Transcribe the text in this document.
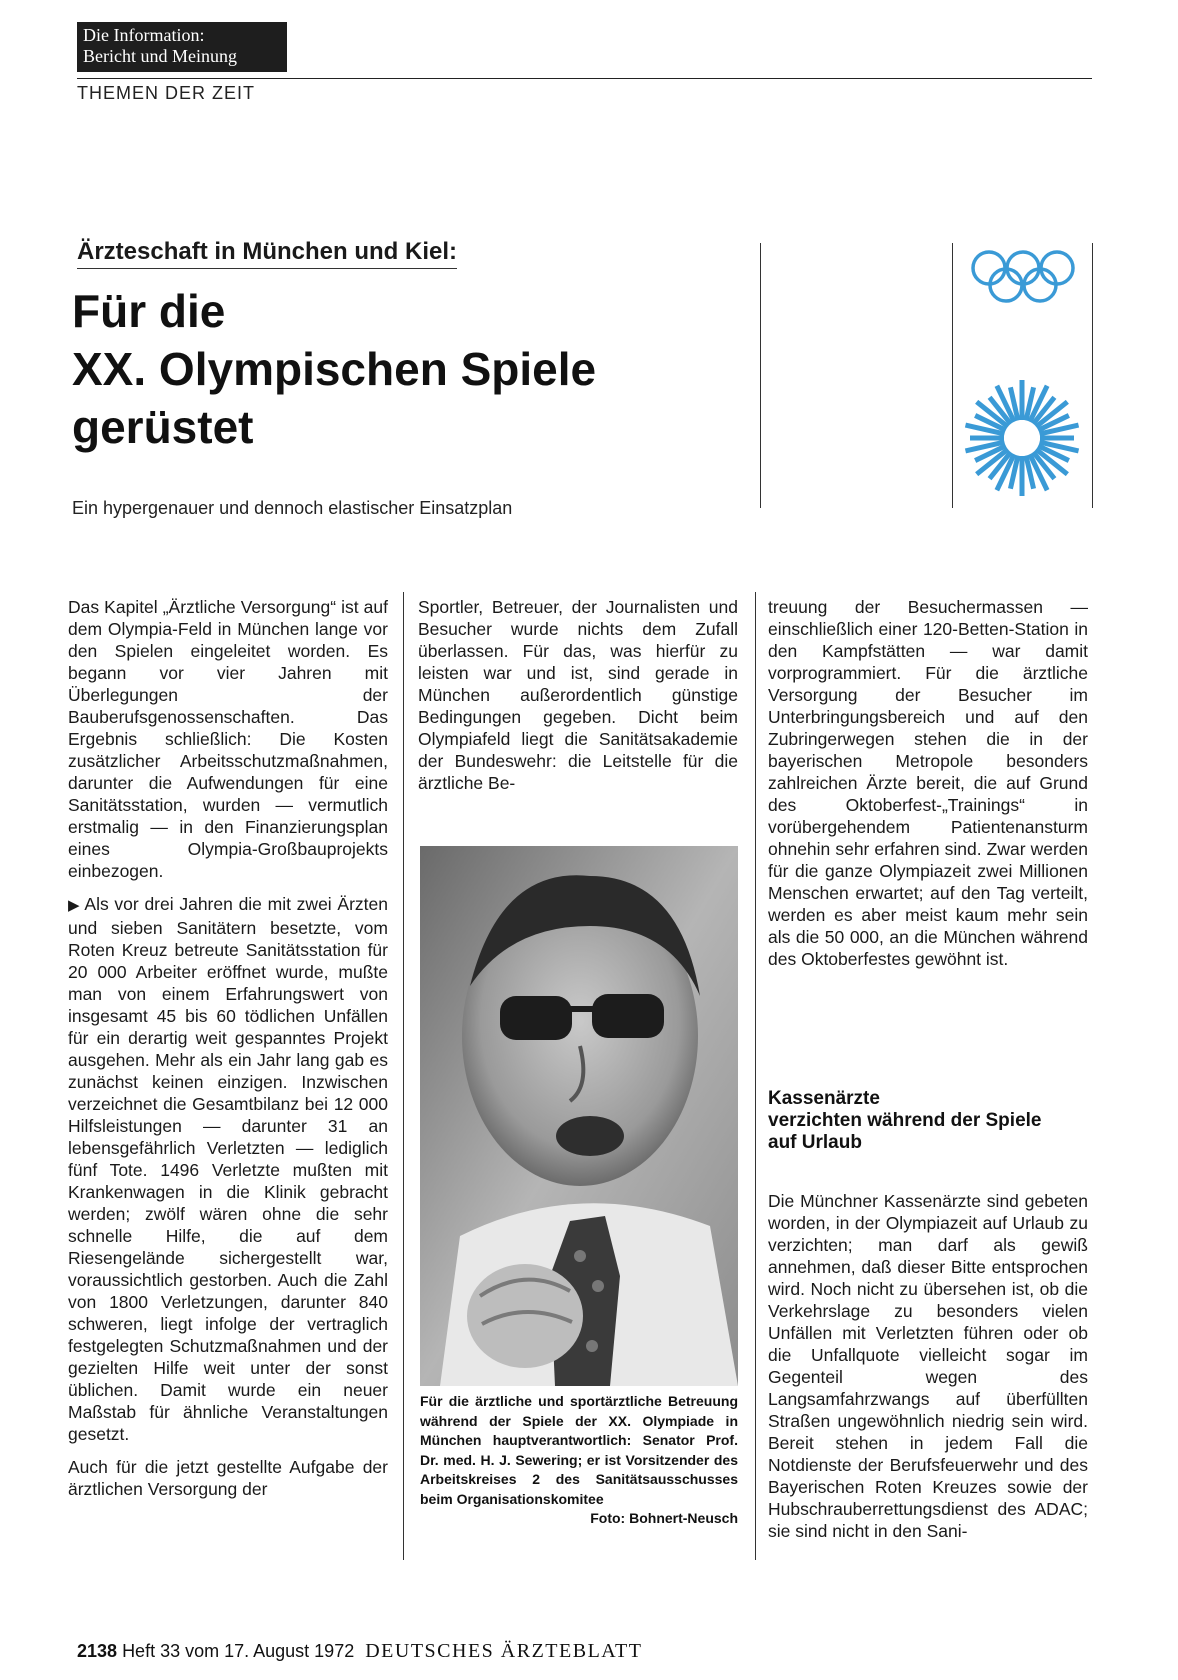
Die Information:
Bericht und Meinung
THEMEN DER ZEIT
Ärzteschaft in München und Kiel:
Für die
XX. Olympischen Spiele
gerüstet
Ein hypergenauer und dennoch elastischer Einsatzplan

Das Kapitel „Ärztliche Versorgung“ ist auf dem Olympia-Feld in München lange vor den Spielen eingeleitet worden. Es begann vor vier Jahren mit Überlegungen der Bauberufsgenossenschaften. Das Ergebnis schließlich: Die Kosten zusätzlicher Arbeitsschutzmaßnahmen, darunter die Aufwendungen für eine Sanitätsstation, wurden — vermutlich erstmalig — in den Finanzierungsplan eines Olympia-Großbauprojekts einbezogen.

▶ Als vor drei Jahren die mit zwei Ärzten und sieben Sanitätern besetzte, vom Roten Kreuz betreute Sanitätsstation für 20 000 Arbeiter eröffnet wurde, mußte man von einem Erfahrungswert von insgesamt 45 bis 60 tödlichen Unfällen für ein derartig weit gespanntes Projekt ausgehen. Mehr als ein Jahr lang gab es zunächst keinen einzigen. Inzwischen verzeichnet die Gesamtbilanz bei 12 000 Hilfsleistungen — darunter 31 an lebensgefährlich Verletzten — lediglich fünf Tote. 1496 Verletzte mußten mit Krankenwagen in die Klinik gebracht werden; zwölf wären ohne die sehr schnelle Hilfe, die auf dem Riesengelände sichergestellt war, voraussichtlich gestorben. Auch die Zahl von 1800 Verletzungen, darunter 840 schweren, liegt infolge der vertraglich festgelegten Schutzmaßnahmen und der gezielten Hilfe weit unter der sonst üblichen. Damit wurde ein neuer Maßstab für ähnliche Veranstaltungen gesetzt.

Auch für die jetzt gestellte Aufgabe der ärztlichen Versorgung der

Sportler, Betreuer, der Journalisten und Besucher wurde nichts dem Zufall überlassen. Für das, was hierfür zu leisten war und ist, sind gerade in München außerordentlich günstige Bedingungen gegeben. Dicht beim Olympiafeld liegt die Sanitätsakademie der Bundeswehr: die Leitstelle für die ärztliche Be-

Für die ärztliche und sportärztliche Betreuung während der Spiele der XX. Olympiade in München hauptverantwortlich: Senator Prof. Dr. med. H. J. Sewering; er ist Vorsitzender des Arbeitskreises 2 des Sanitätsausschusses beim Organisationskomitee
Foto: Bohnert-Neusch

treuung der Besuchermassen — einschließlich einer 120-Betten-Station in den Kampfstätten — war damit vorprogrammiert. Für die ärztliche Versorgung der Besucher im Unterbringungsbereich und auf den Zubringerwegen stehen die in der bayerischen Metropole besonders zahlreichen Ärzte bereit, die auf Grund des Oktoberfest-„Trainings“ in vorübergehendem Patientenansturm ohnehin sehr erfahren sind. Zwar werden für die ganze Olympiazeit zwei Millionen Menschen erwartet; auf den Tag verteilt, werden es aber meist kaum mehr sein als die 50 000, an die München während des Oktoberfestes gewöhnt ist.

Kassenärzte
verzichten während der Spiele
auf Urlaub

Die Münchner Kassenärzte sind gebeten worden, in der Olympiazeit auf Urlaub zu verzichten; man darf als gewiß annehmen, daß dieser Bitte entsprochen wird. Noch nicht zu übersehen ist, ob die Verkehrslage zu besonders vielen Unfällen mit Verletzten führen oder ob die Unfallquote vielleicht sogar im Gegenteil wegen des Langsamfahrzwangs auf überfüllten Straßen ungewöhnlich niedrig sein wird. Bereit stehen in jedem Fall die Notdienste der Berufsfeuerwehr und des Bayerischen Roten Kreuzes sowie der Hubschrauberrettungsdienst des ADAC; sie sind nicht in den Sani-

2138 Heft 33 vom 17. August 1972 DEUTSCHES ÄRZTEBLATT
